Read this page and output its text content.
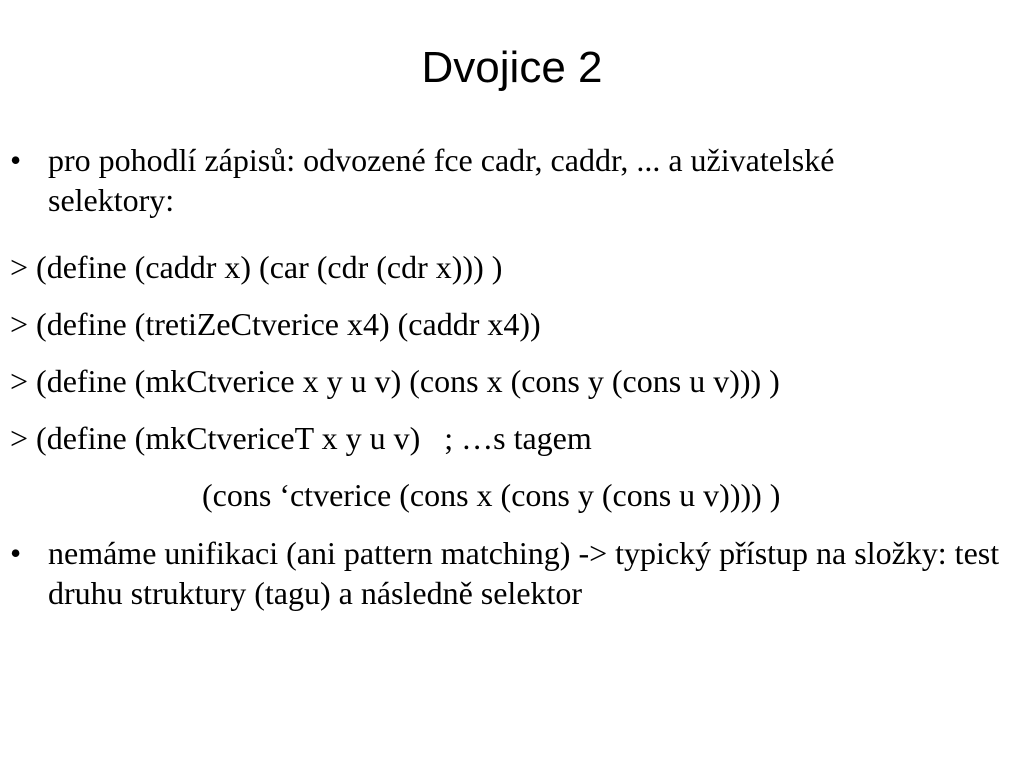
Dvojice 2
• pro pohodlí zápisů: odvozené fce cadr, caddr, ... a uživatelské selektory:
> (define (caddr x) (car (cdr (cdr x))) )
> (define (tretiZeCtverice x4) (caddr x4))
> (define (mkCtverice x y u v) (cons x (cons y (cons u v))) )
> (define (mkCtvericeT x y u v)   ; …s tagem
(cons ‘ctverice (cons x (cons y (cons u v)))) )
• nemáme unifikaci (ani pattern matching) -> typický přístup na složky: test druhu struktury (tagu) a následně selektor
